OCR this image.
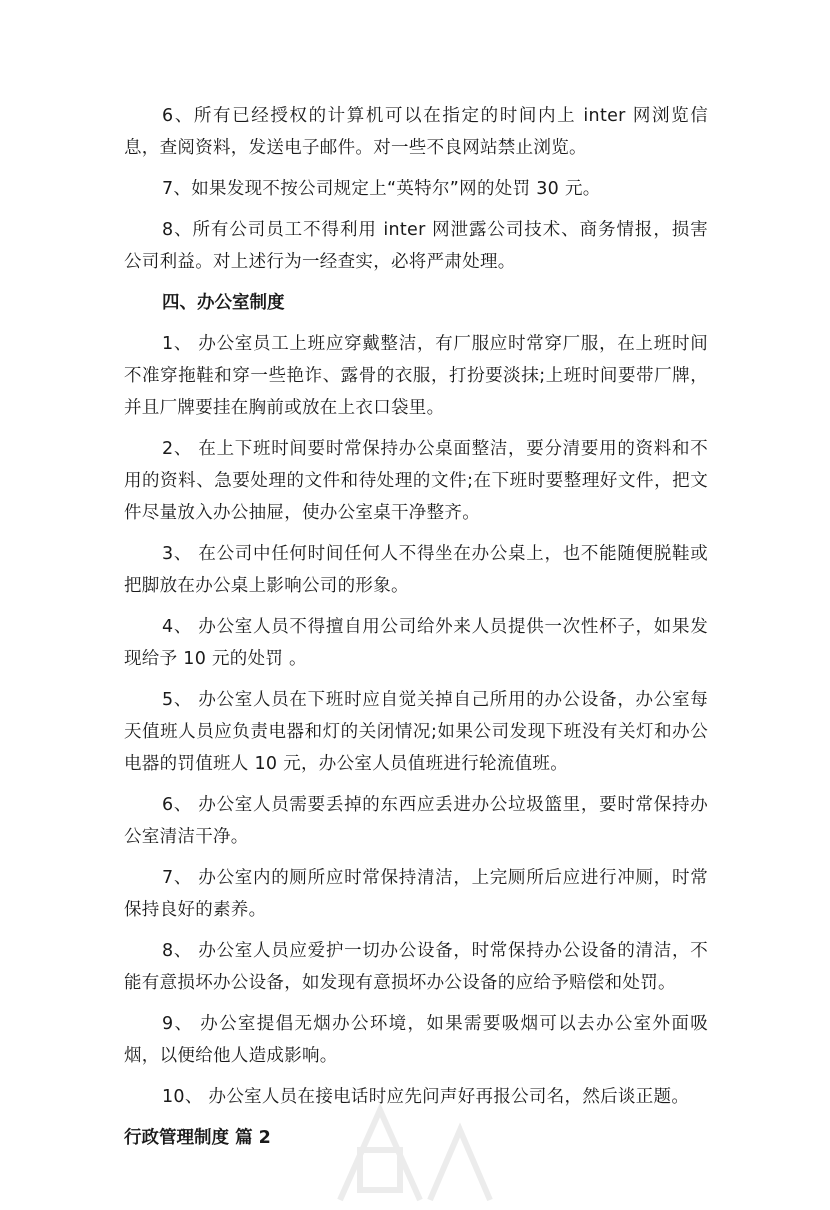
6、所有已经授权的计算机可以在指定的时间内上 inter 网浏览信息，查阅资料，发送电子邮件。对一些不良网站禁止浏览。

7、如果发现不按公司规定上“英特尔”网的处罚 30 元。

8、所有公司员工不得利用 inter 网泄露公司技术、商务情报，损害公司利益。对上述行为一经查实，必将严肃处理。

四、办公室制度

1、 办公室员工上班应穿戴整洁，有厂服应时常穿厂服，在上班时间不准穿拖鞋和穿一些艳诈、露骨的衣服，打扮要淡抹;上班时间要带厂牌，并且厂牌要挂在胸前或放在上衣口袋里。

2、 在上下班时间要时常保持办公桌面整洁，要分清要用的资料和不用的资料、急要处理的文件和待处理的文件;在下班时要整理好文件，把文件尽量放入办公抽屉，使办公室桌干净整齐。

3、 在公司中任何时间任何人不得坐在办公桌上，也不能随便脱鞋或把脚放在办公桌上影响公司的形象。

4、 办公室人员不得擅自用公司给外来人员提供一次性杯子，如果发现给予 10 元的处罚 。

5、 办公室人员在下班时应自觉关掉自己所用的办公设备，办公室每天值班人员应负责电器和灯的关闭情况;如果公司发现下班没有关灯和办公电器的罚值班人 10 元，办公室人员值班进行轮流值班。

6、 办公室人员需要丢掉的东西应丢进办公垃圾篮里，要时常保持办公室清洁干净。

7、 办公室内的厕所应时常保持清洁，上完厕所后应进行冲厕，时常保持良好的素养。

8、 办公室人员应爱护一切办公设备，时常保持办公设备的清洁，不能有意损坏办公设备，如发现有意损坏办公设备的应给予赔偿和处罚。

9、 办公室提倡无烟办公环境，如果需要吸烟可以去办公室外面吸烟，以便给他人造成影响。

10、 办公室人员在接电话时应先问声好再报公司名，然后谈正题。

行政管理制度 篇 2
